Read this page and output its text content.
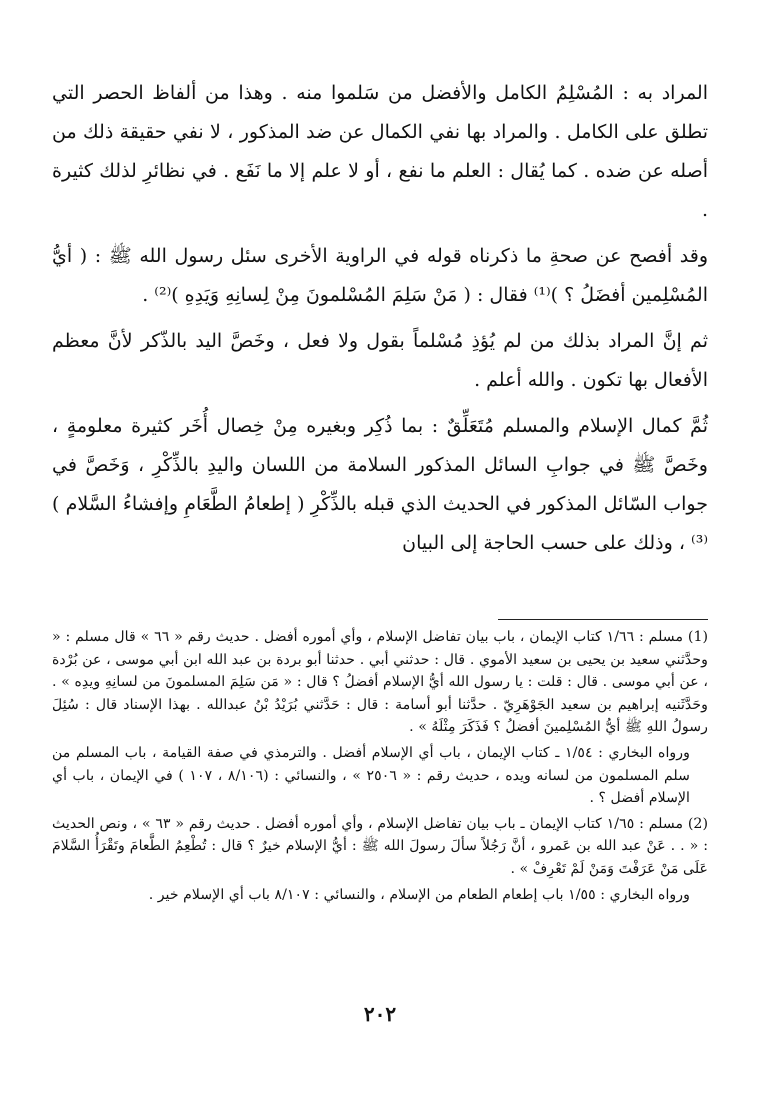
المراد به : المُسْلِمُ الكامل والأفضل من سَلموا منه . وهذا من ألفاظ الحصر التي تطلق على الكامل . والمراد بها نفي الكمال عن ضد المذكور ، لا نفي حقيقة ذلك من أصله عن ضده . كما يُقال : العلم ما نفع ، أو لا علم إلا ما نَفَع . في نظائرِ لذلك كثيرة .

وقد أفصح عن صحةِ ما ذكرناه قوله في الراوية الأخرى سئل رسول الله ﷺ : ( أيُّ المُسْلِمين أفضَلُ ؟ )⁽¹⁾ فقال : ( مَنْ سَلِمَ المُسْلمونَ مِنْ لِسانِهِ وَيَدِهِ )⁽²⁾ .

ثم إنَّ المراد بذلك من لم يُؤذِ مُسْلماً بقول ولا فعل ، وخَصَّ اليد بالذّكر لأنَّ معظم الأفعال بها تكون . والله أعلم .

ثُمَّ كمال الإسلام والمسلم مُتَعَلِّقٌ : بما ذُكِر وبغيره مِنْ خِصال أُخَر كثيرة معلومةٍ ، وخَصَّ ﷺ في جوابِ السائل المذكور السلامة من اللسان واليدِ بالذِّكْرِ ، وَخَصَّ في جواب السّائل المذكور في الحديث الذي قبله بالذِّكْرِ ( إطعامُ الطَّعَامِ وإفشاءُ السَّلام )⁽³⁾ ، وذلك على حسب الحاجة إلى البيان

(1) مسلم : ١/٦٦ كتاب الإيمان ، باب بيان تفاضل الإسلام ، وأي أموره أفضل . حديث رقم « ٦٦ » قال مسلم : « وحدَّثني سعيد بن يحيى بن سعيد الأموي . قال : حدثني أبي . حدثنا أبو بردة بن عبد الله ابن أبي موسى ، عن بُرْدة ، عن أبي موسى . قال : قلت : يا رسول الله أيُّ الإسلام أفضلُ ؟ قال : « مَن سَلِمَ المسلمونَ من لسانِهِ ويدِه » . وحَدَّثَنيه إبراهيم بن سعيد الجَوْهَرِيّ . حدَّثنا أبو أسامة : قال : حَدَّثني بُرَيْدُ بْنُ عبدالله . بهذا الإسناد قال : سُئِلَ رسولُ اللهِ ﷺ أيُّ المُسْلِمينَ أفضلُ ؟ فَذَكَرَ مِثْلَهُ » .

ورواه البخاري : ١/٥٤ ـ كتاب الإيمان ، باب أي الإسلام أفضل . والترمذي في صفة القيامة ، باب المسلم من سلم المسلمون من لسانه ويده ، حديث رقم : « ٢٥٠٦ » ، والنسائي : (٨/١٠٦ ، ١٠٧ ) في الإيمان ، باب أي الإسلام أفضل ؟ .

(2) مسلم : ١/٦٥ كتاب الإيمان ـ باب بيان تفاضل الإسلام ، وأي أموره أفضل . حديث رقم « ٦٣ » ، ونص الحديث : « . . عَنْ عبد الله بن عَمرو ، أنَّ رَجُلاً سألَ رسولَ الله ﷺ : أيُّ الإسلام خيرٌ ؟ قال : تُطْعِمُ الطَّعامَ وتَقْرَأُ السَّلامَ عَلَى مَنْ عَرَفْتَ وَمَنْ لَمْ تَعْرِفْ » .

ورواه البخاري : ١/٥٥ باب إطعام الطعام من الإسلام ، والنسائي : ٨/١٠٧ باب أي الإسلام خير .

٢٠٢
